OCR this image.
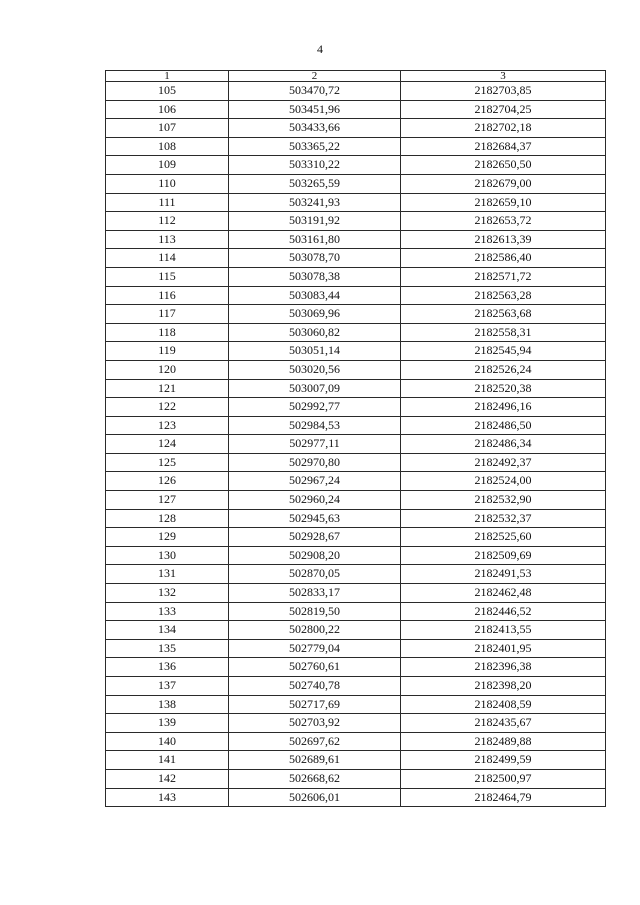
4
1	2	3
105	503470,72	2182703,85
106	503451,96	2182704,25
107	503433,66	2182702,18
108	503365,22	2182684,37
109	503310,22	2182650,50
110	503265,59	2182679,00
111	503241,93	2182659,10
112	503191,92	2182653,72
113	503161,80	2182613,39
114	503078,70	2182586,40
115	503078,38	2182571,72
116	503083,44	2182563,28
117	503069,96	2182563,68
118	503060,82	2182558,31
119	503051,14	2182545,94
120	503020,56	2182526,24
121	503007,09	2182520,38
122	502992,77	2182496,16
123	502984,53	2182486,50
124	502977,11	2182486,34
125	502970,80	2182492,37
126	502967,24	2182524,00
127	502960,24	2182532,90
128	502945,63	2182532,37
129	502928,67	2182525,60
130	502908,20	2182509,69
131	502870,05	2182491,53
132	502833,17	2182462,48
133	502819,50	2182446,52
134	502800,22	2182413,55
135	502779,04	2182401,95
136	502760,61	2182396,38
137	502740,78	2182398,20
138	502717,69	2182408,59
139	502703,92	2182435,67
140	502697,62	2182489,88
141	502689,61	2182499,59
142	502668,62	2182500,97
143	502606,01	2182464,79
